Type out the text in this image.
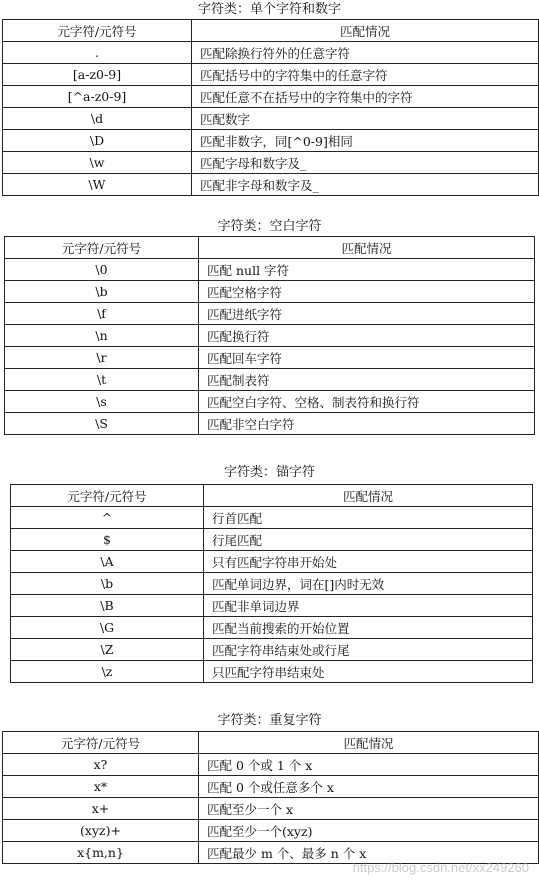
字符类：单个字符和数字
元字符/元符号	匹配情况
.	匹配除换行符外的任意字符
[a-z0-9]	匹配括号中的字符集中的任意字符
[^a-z0-9]	匹配任意不在括号中的字符集中的字符
\d	匹配数字
\D	匹配非数字，同[^0-9]相同
\w	匹配字母和数字及_
\W	匹配非字母和数字及_
字符类：空白字符
元字符/元符号	匹配情况
\0	匹配 null 字符
\b	匹配空格字符
\f	匹配进纸字符
\n	匹配换行符
\r	匹配回车字符
\t	匹配制表符
\s	匹配空白字符、空格、制表符和换行符
\S	匹配非空白字符
字符类：锚字符
元字符/元符号	匹配情况
^	行首匹配
$	行尾匹配
\A	只有匹配字符串开始处
\b	匹配单词边界，词在[]内时无效
\B	匹配非单词边界
\G	匹配当前搜索的开始位置
\Z	匹配字符串结束处或行尾
\z	只匹配字符串结束处
字符类：重复字符
元字符/元符号	匹配情况
x?	匹配 0 个或 1 个 x
x*	匹配 0 个或任意多个 x
x+	匹配至少一个 x
(xyz)+	匹配至少一个(xyz)
x{m,n}	匹配最少 m 个、最多 n 个 x
https://blog.csdn.net/xx249260
